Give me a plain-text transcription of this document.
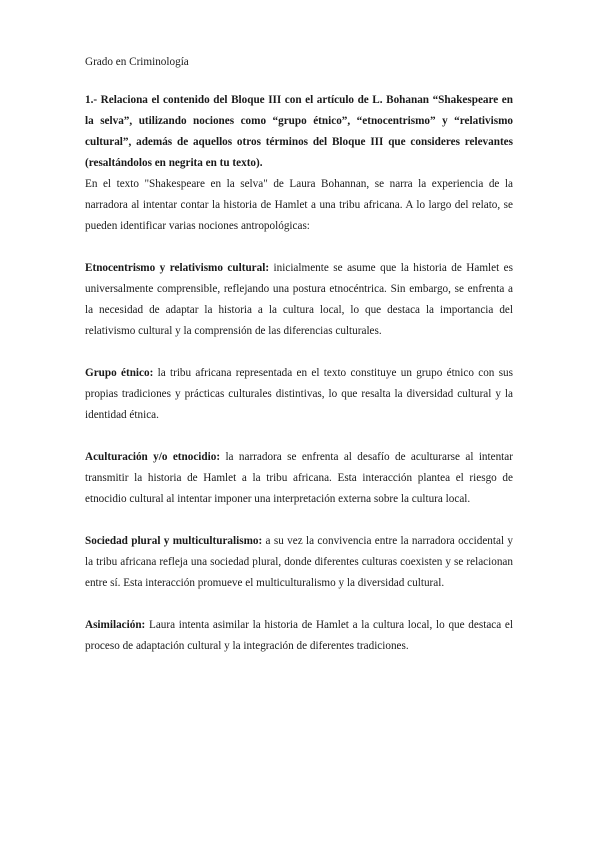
Grado en Criminología

1.- Relaciona el contenido del Bloque III con el artículo de L. Bohanan “Shakespeare en la selva”, utilizando nociones como “grupo étnico”, “etnocentrismo” y “relativismo cultural”, además de aquellos otros términos del Bloque III que consideres relevantes (resaltándolos en negrita en tu texto).

En el texto "Shakespeare en la selva" de Laura Bohannan, se narra la experiencia de la narradora al intentar contar la historia de Hamlet a una tribu africana. A lo largo del relato, se pueden identificar varias nociones antropológicas:

Etnocentrismo y relativismo cultural: inicialmente se asume que la historia de Hamlet es universalmente comprensible, reflejando una postura etnocéntrica. Sin embargo, se enfrenta a la necesidad de adaptar la historia a la cultura local, lo que destaca la importancia del relativismo cultural y la comprensión de las diferencias culturales.

Grupo étnico: la tribu africana representada en el texto constituye un grupo étnico con sus propias tradiciones y prácticas culturales distintivas, lo que resalta la diversidad cultural y la identidad étnica.

Aculturación y/o etnocidio: la narradora se enfrenta al desafío de aculturarse al intentar transmitir la historia de Hamlet a la tribu africana. Esta interacción plantea el riesgo de etnocidio cultural al intentar imponer una interpretación externa sobre la cultura local.

Sociedad plural y multiculturalismo: a su vez la convivencia entre la narradora occidental y la tribu africana refleja una sociedad plural, donde diferentes culturas coexisten y se relacionan entre sí. Esta interacción promueve el multiculturalismo y la diversidad cultural.

Asimilación: Laura intenta asimilar la historia de Hamlet a la cultura local, lo que destaca el proceso de adaptación cultural y la integración de diferentes tradiciones.
